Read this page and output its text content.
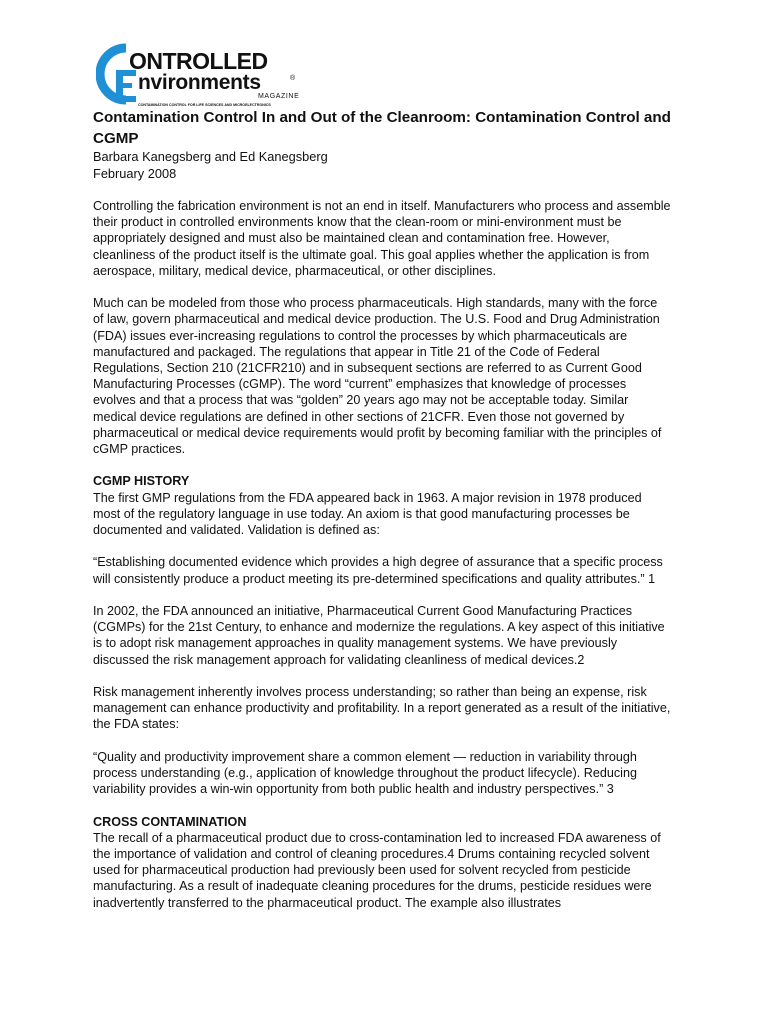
ONTROLLED
nvironments	®
MAGAZINE
CONTAMINATION CONTROL FOR LIFE SCIENCES AND MICROELECTRONICS

Contamination Control In and Out of the Cleanroom: Contamination Control and CGMP

Barbara Kanegsberg and Ed Kanegsberg

February 2008

Controlling the fabrication environment is not an end in itself. Manufacturers who process and assemble their product in controlled environments know that the clean-room or mini-environment must be appropriately designed and must also be maintained clean and contamination free. However, cleanliness of the product itself is the ultimate goal. This goal applies whether the application is from aerospace, military, medical device, pharmaceutical, or other disciplines.

Much can be modeled from those who process pharmaceuticals. High standards, many with the force of law, govern pharmaceutical and medical device production. The U.S. Food and Drug Administration (FDA) issues ever-increasing regulations to control the processes by which pharmaceuticals are manufactured and packaged. The regulations that appear in Title 21 of the Code of Federal Regulations, Section 210 (21CFR210) and in subsequent sections are referred to as Current Good Manufacturing Processes (cGMP). The word “current” emphasizes that knowledge of processes evolves and that a process that was “golden” 20 years ago may not be acceptable today. Similar medical device regulations are defined in other sections of 21CFR. Even those not governed by pharmaceutical or medical device requirements would profit by becoming familiar with the principles of cGMP practices.

CGMP HISTORY

The first GMP regulations from the FDA appeared back in 1963. A major revision in 1978 produced most of the regulatory language in use today. An axiom is that good manufacturing processes be documented and validated. Validation is defined as:

“Establishing documented evidence which provides a high degree of assurance that a specific process will consistently produce a product meeting its pre-determined specifications and quality attributes.” 1

In 2002, the FDA announced an initiative, Pharmaceutical Current Good Manufacturing Practices (CGMPs) for the 21st Century, to enhance and modernize the regulations. A key aspect of this initiative is to adopt risk management approaches in quality management systems. We have previously discussed the risk management approach for validating cleanliness of medical devices.2

Risk management inherently involves process understanding; so rather than being an expense, risk management can enhance productivity and profitability. In a report generated as a result of the initiative, the FDA states:

“Quality and productivity improvement share a common element — reduction in variability through process understanding (e.g., application of knowledge throughout the product lifecycle). Reducing variability provides a win-win opportunity from both public health and industry perspectives.” 3

CROSS CONTAMINATION

The recall of a pharmaceutical product due to cross-contamination led to increased FDA awareness of the importance of validation and control of cleaning procedures.4 Drums containing recycled solvent used for pharmaceutical production had previously been used for solvent recycled from pesticide manufacturing. As a result of inadequate cleaning procedures for the drums, pesticide residues were inadvertently transferred to the pharmaceutical product. The example also illustrates
